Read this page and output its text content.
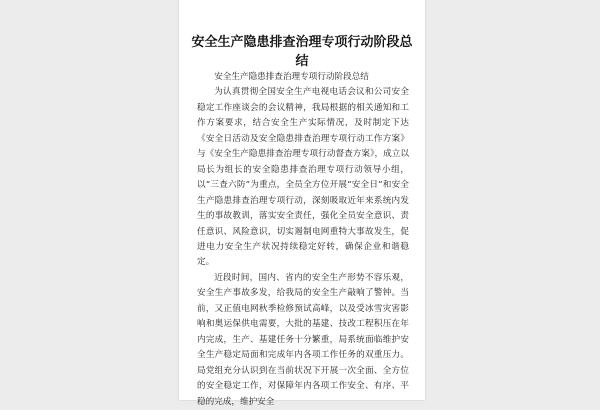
安全生产隐患排查治理专项行动阶段总结

安全生产隐患排查治理专项行动阶段总结

为认真贯彻全国安全生产电视电话会议和公司安全稳定工作座谈会的会议精神，我局根据的相关通知和工作方案要求，结合安全生产实际情况，及时制定下达《安全日活动及安全隐患排查治理专项行动工作方案》与《安全生产隐患排查治理专项行动督查方案》，成立以局长为组长的安全隐患排查治理专项行动领导小组，以“三查六防”为重点，全员全方位开展“安全日”和安全生产隐患排查治理专项行动，深刻吸取近年来系统内发生的事故教训，落实安全责任，强化全员安全意识、责任意识、风险意识，切实遏制电网重特大事故发生，促进电力安全生产状况持续稳定好转，确保企业和谐稳定。

近段时间，国内、省内的安全生产形势不容乐观，安全生产事故多发，给我局的安全生产敲响了警钟。当前，又正值电网秋季检修预试高峰，以及受冰雪灾害影响和奥运保供电需要，大批的基建、技改工程积压在年内完成，生产、基建任务十分繁重，局系统面临维护安全生产稳定局面和完成年内各项工作任务的双重压力。局党组充分认识到在当前状况下开展一次全面、全方位的安全稳定工作，对保障年内各项工作安全、有序、平稳的完成，维护安全
